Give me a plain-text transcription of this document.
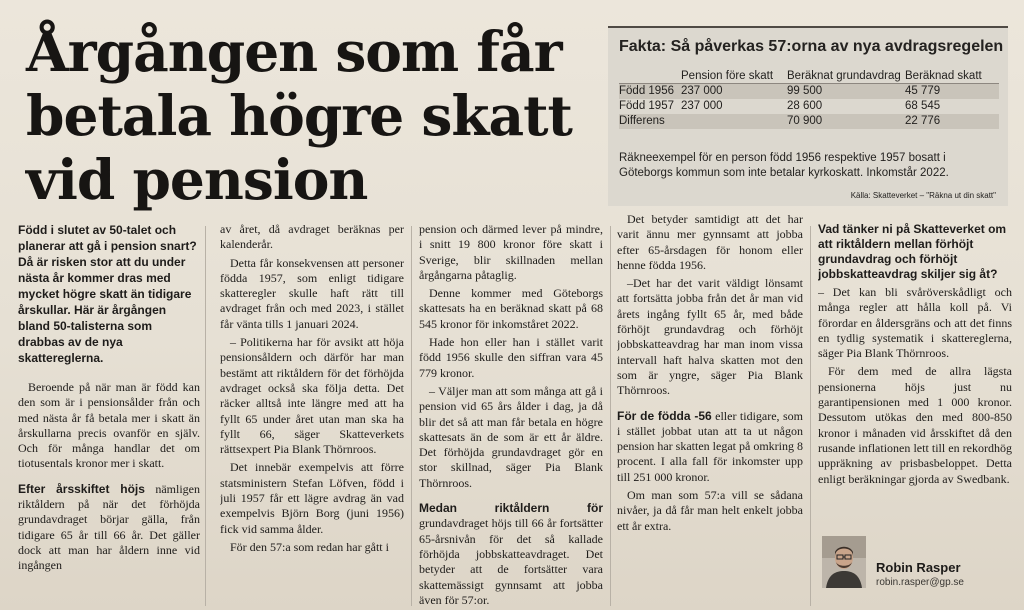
Årgången som får betala högre skatt vid pension
Fakta: Så påverkas 57:orna av nya avdragsregelen
	Pension före skatt	Beräknat grundavdrag	Beräknad skatt
Född 1956	237 000	99 500	45 779
Född 1957	237 000	28 600	68 545
Differens		70 900	22 776
Räkneexempel för en person född 1956 respektive 1957 bosatt i Göteborgs kommun som inte betalar kyrkoskatt. Inkomstår 2022.
Källa: Skatteverket – "Räkna ut din skatt"

Född i slutet av 50-talet och planerar att gå i pension snart? Då är risken stor att du under nästa år kommer dras med mycket högre skatt än tidigare årskullar. Här är årgången bland 50-talisterna som drabbas av de nya skattereglerna.

Beroende på när man är född kan den som är i pensionsålder från och med nästa år få betala mer i skatt än årskullarna precis ovanför en själv. Och för många handlar det om tiotusentals kronor mer i skatt.

Efter årsskiftet höjs nämligen riktåldern på när det förhöjda grundavdraget börjar gälla, från tidigare 65 år till 66 år. Det gäller dock att man har åldern inne vid ingången

av året, då avdraget beräknas per kalenderår.

Detta får konsekvensen att personer födda 1957, som enligt tidigare skatteregler skulle haft rätt till avdraget från och med 2023, i stället får vänta tills 1 januari 2024.

– Politikerna har för avsikt att höja pensionsåldern och därför har man bestämt att riktåldern för det förhöjda avdraget också ska följa detta. Det räcker alltså inte längre med att ha fyllt 65 under året utan man ska ha fyllt 66, säger Skatteverkets rättsexpert Pia Blank Thörnroos.

Det innebär exempelvis att förre statsministern Stefan Löfven, född i juli 1957 får ett lägre avdrag än vad exempelvis Björn Borg (juni 1956) fick vid samma ålder.

För den 57:a som redan har gått i

pension och därmed lever på mindre, i snitt 19 800 kronor före skatt i Sverige, blir skillnaden mellan årgångarna påtaglig.

Denne kommer med Göteborgs skattesats ha en beräknad skatt på 68 545 kronor för inkomståret 2022.

Hade hon eller han i stället varit född 1956 skulle den siffran vara 45 779 kronor.

– Väljer man att som många att gå i pension vid 65 års ålder i dag, ja då blir det så att man får betala en högre skattesats än de som är ett år äldre. Det förhöjda grundavdraget gör en stor skillnad, säger Pia Blank Thörnroos.

Medan riktåldern för grundavdraget höjs till 66 år fortsätter 65-årsnivån för det så kallade förhöjda jobbskatteavdraget. Det betyder att de fortsätter vara skattemässigt gynnsamt att jobba även för 57:or.

Det betyder samtidigt att det har varit ännu mer gynnsamt att jobba efter 65-årsdagen för honom eller henne födda 1956.

–Det har det varit väldigt lönsamt att fortsätta jobba från det år man vid årets ingång fyllt 65 år, med både förhöjt grundavdrag och förhöjt jobbskatteavdrag har man inom vissa intervall haft halva skatten mot den som är yngre, säger Pia Blank Thörnroos.

För de födda -56 eller tidigare, som i stället jobbat utan att ta ut någon pension har skatten legat på omkring 8 procent. I alla fall för inkomster upp till 251 000 kronor.

Om man som 57:a vill se sådana nivåer, ja då får man helt enkelt jobba ett år extra.

Vad tänker ni på Skatteverket om att riktåldern mellan förhöjt grundavdrag och förhöjt jobbskatteavdrag skiljer sig åt?

– Det kan bli svåröverskådligt och många regler att hålla koll på. Vi förordar en åldersgräns och att det finns en tydlig systematik i skattereglerna, säger Pia Blank Thörnroos.

För dem med de allra lägsta pensionerna höjs just nu garantipensionen med 1 000 kronor. Dessutom utökas den med 800-850 kronor i månaden vid årsskiftet då den rusande inflationen lett till en rekordhög uppräkning av prisbasbeloppet. Detta enligt beräkningar gjorda av Swedbank.

Robin Rasper
robin.rasper@gp.se
